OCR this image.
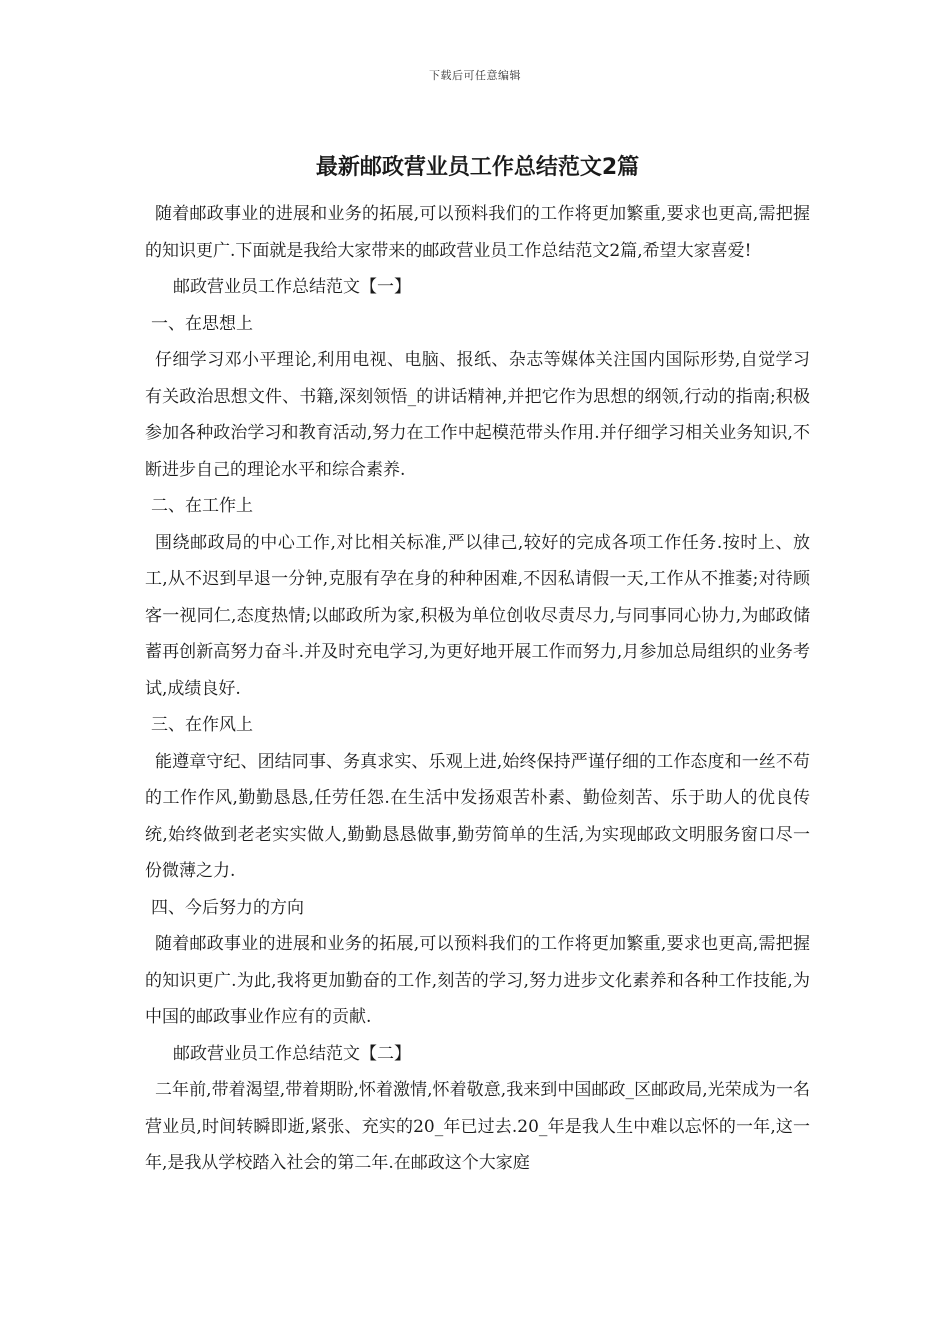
下载后可任意编辑
最新邮政营业员工作总结范文2篇

随着邮政事业的进展和业务的拓展,可以预料我们的工作将更加繁重,要求也更高,需把握的知识更广.下面就是我给大家带来的邮政营业员工作总结范文2篇,希望大家喜爱!

邮政营业员工作总结范文【一】

一、在思想上

仔细学习邓小平理论,利用电视、电脑、报纸、杂志等媒体关注国内国际形势,自觉学习有关政治思想文件、书籍,深刻领悟_的讲话精神,并把它作为思想的纲领,行动的指南;积极参加各种政治学习和教育活动,努力在工作中起模范带头作用.并仔细学习相关业务知识,不断进步自己的理论水平和综合素养.

二、在工作上

围绕邮政局的中心工作,对比相关标准,严以律己,较好的完成各项工作任务.按时上、放工,从不迟到早退一分钟,克服有孕在身的种种困难,不因私请假一天,工作从不推萎;对待顾客一视同仁,态度热情;以邮政所为家,积极为单位创收尽责尽力,与同事同心协力,为邮政储蓄再创新高努力奋斗.并及时充电学习,为更好地开展工作而努力,月参加总局组织的业务考试,成绩良好.

三、在作风上

能遵章守纪、团结同事、务真求实、乐观上进,始终保持严谨仔细的工作态度和一丝不苟的工作作风,勤勤恳恳,任劳任怨.在生活中发扬艰苦朴素、勤俭刻苦、乐于助人的优良传统,始终做到老老实实做人,勤勤恳恳做事,勤劳简单的生活,为实现邮政文明服务窗口尽一份微薄之力.

四、今后努力的方向

随着邮政事业的进展和业务的拓展,可以预料我们的工作将更加繁重,要求也更高,需把握的知识更广.为此,我将更加勤奋的工作,刻苦的学习,努力进步文化素养和各种工作技能,为中国的邮政事业作应有的贡献.

邮政营业员工作总结范文【二】

二年前,带着渴望,带着期盼,怀着激情,怀着敬意,我来到中国邮政_区邮政局,光荣成为一名营业员,时间转瞬即逝,紧张、充实的20_年已过去.20_年是我人生中难以忘怀的一年,这一年,是我从学校踏入社会的第二年.在邮政这个大家庭
